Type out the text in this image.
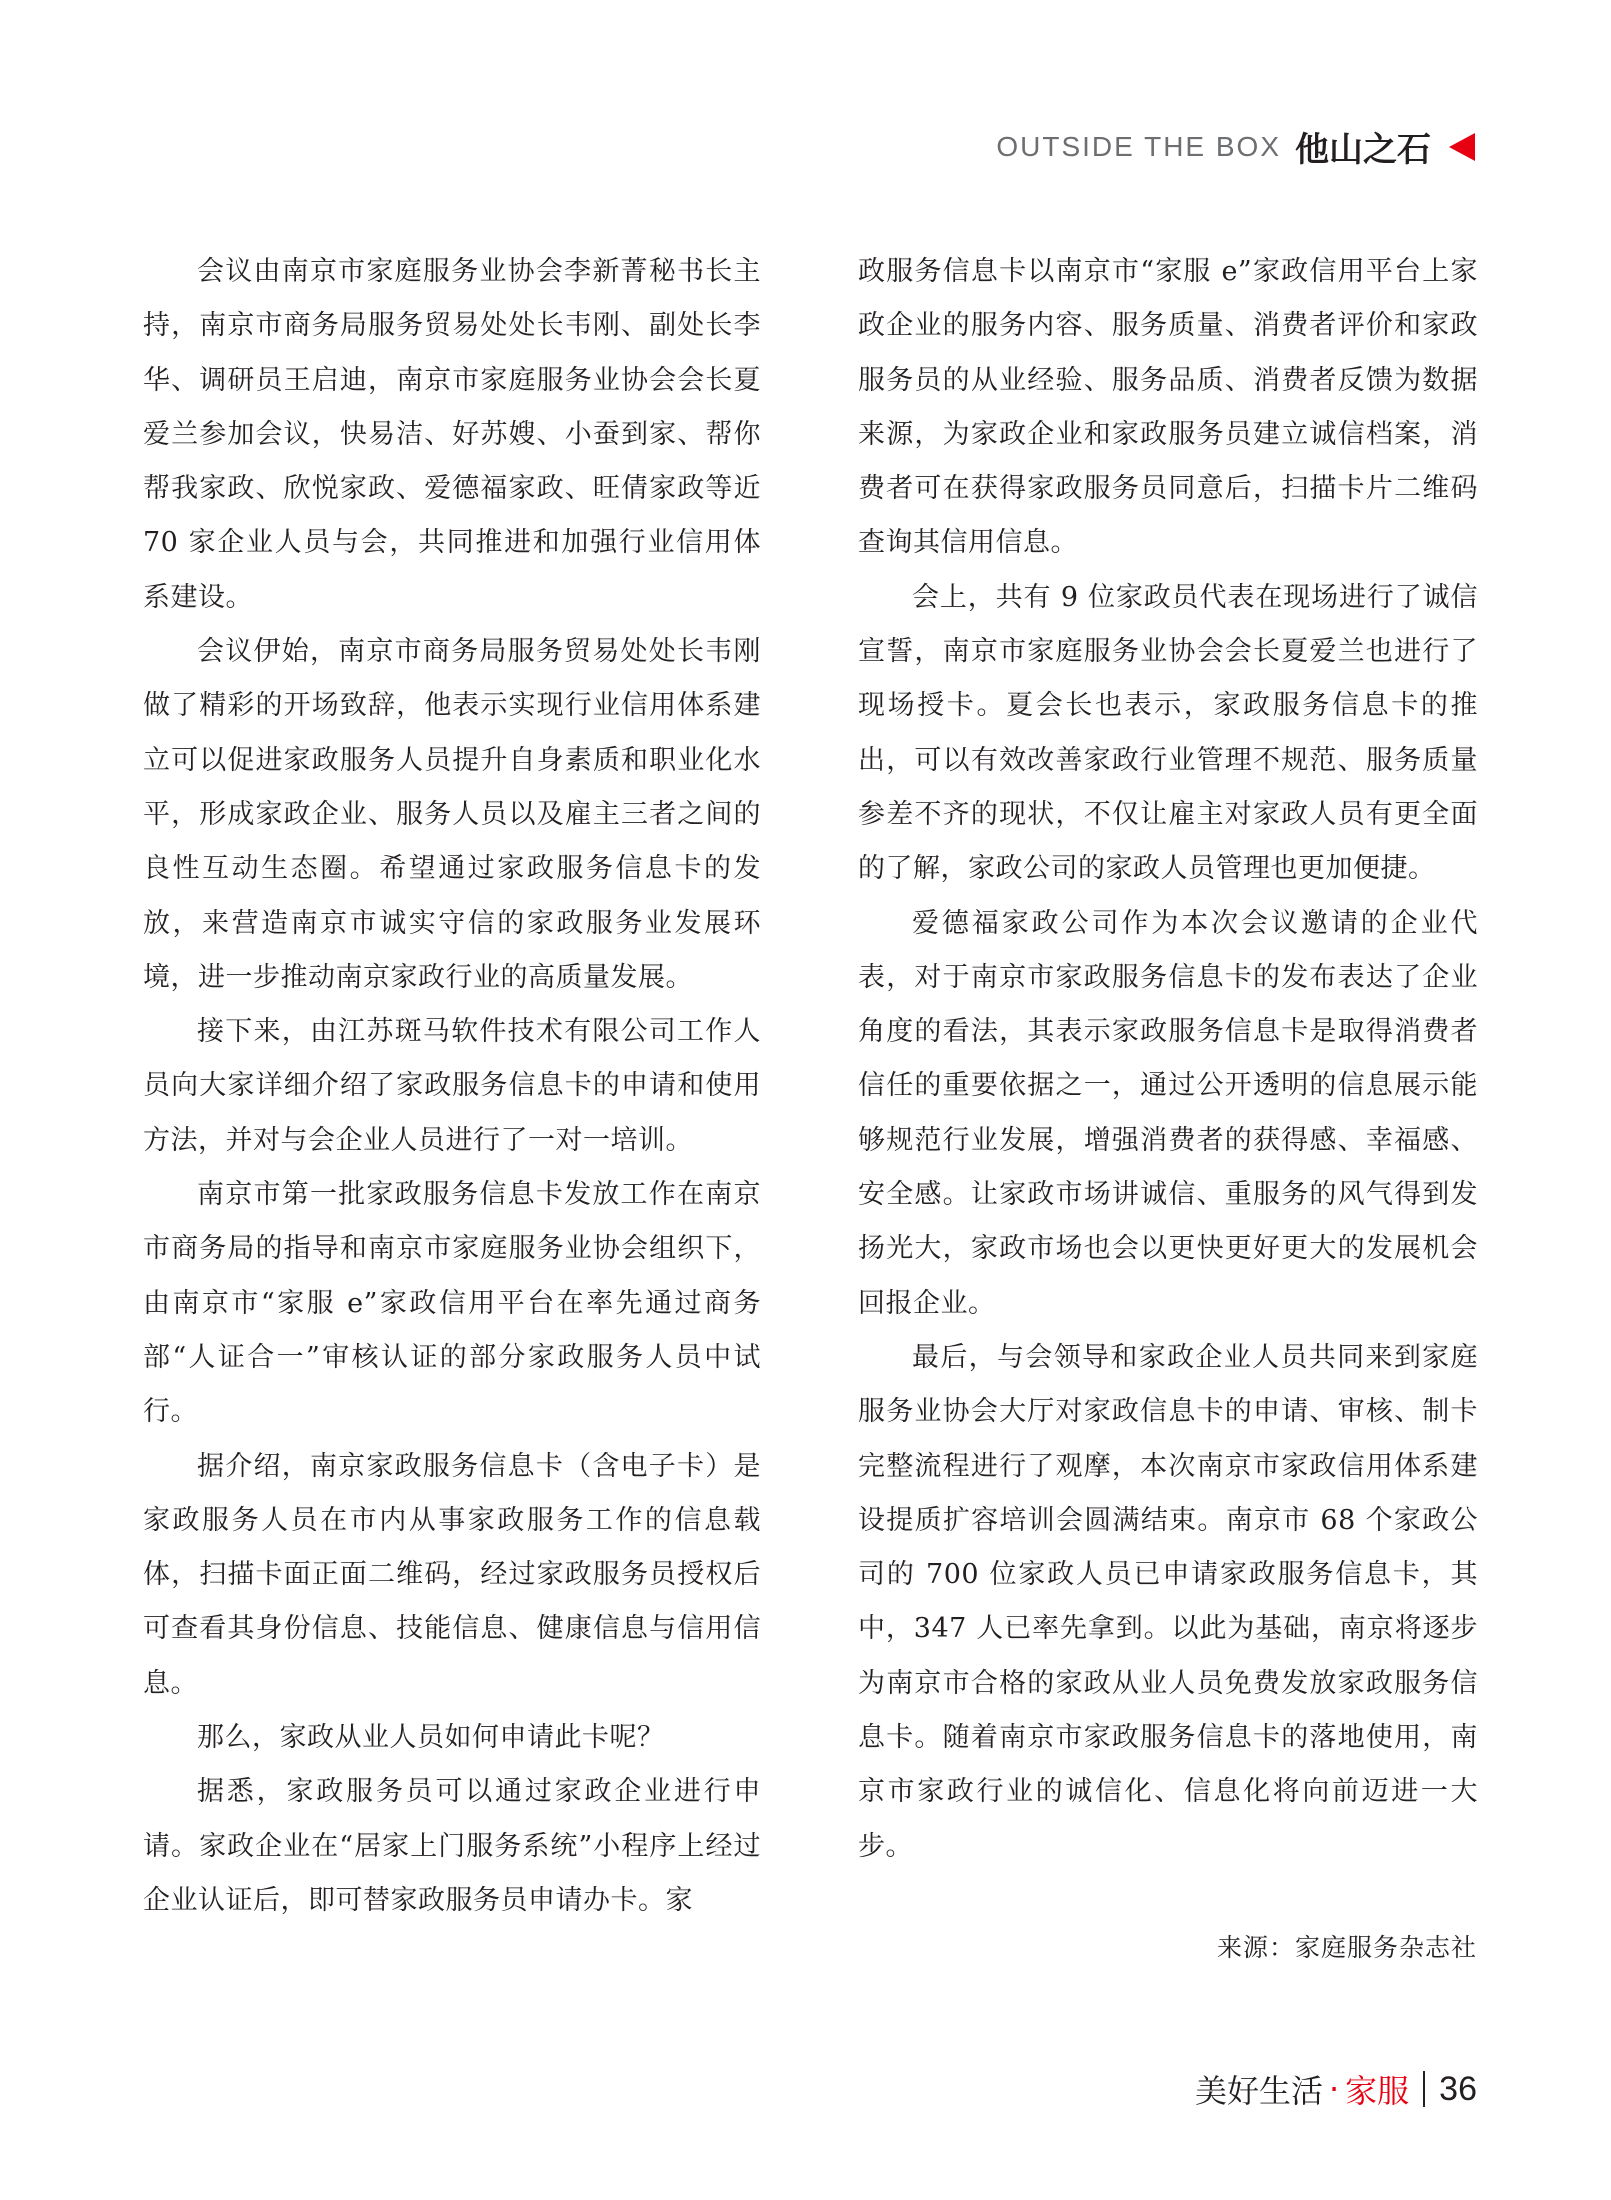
OUTSIDE THE BOX 他山之石

会议由南京市家庭服务业协会李新菁秘书长主持，南京市商务局服务贸易处处长韦刚、副处长李华、调研员王启迪，南京市家庭服务业协会会长夏爱兰参加会议，快易洁、好苏嫂、小蚕到家、帮你帮我家政、欣悦家政、爱德福家政、旺倩家政等近 70 家企业人员与会，共同推进和加强行业信用体系建设。

会议伊始，南京市商务局服务贸易处处长韦刚做了精彩的开场致辞，他表示实现行业信用体系建立可以促进家政服务人员提升自身素质和职业化水平，形成家政企业、服务人员以及雇主三者之间的良性互动生态圈。希望通过家政服务信息卡的发放，来营造南京市诚实守信的家政服务业发展环境，进一步推动南京家政行业的高质量发展。

接下来，由江苏斑马软件技术有限公司工作人员向大家详细介绍了家政服务信息卡的申请和使用方法，并对与会企业人员进行了一对一培训。

南京市第一批家政服务信息卡发放工作在南京市商务局的指导和南京市家庭服务业协会组织下，由南京市“家服 e”家政信用平台在率先通过商务部“人证合一”审核认证的部分家政服务人员中试行。

据介绍，南京家政服务信息卡（含电子卡）是家政服务人员在市内从事家政服务工作的信息载体，扫描卡面正面二维码，经过家政服务员授权后可查看其身份信息、技能信息、健康信息与信用信息。

那么，家政从业人员如何申请此卡呢？

据悉，家政服务员可以通过家政企业进行申请。家政企业在“居家上门服务系统”小程序上经过企业认证后，即可替家政服务员申请办卡。家

政服务信息卡以南京市“家服 e”家政信用平台上家政企业的服务内容、服务质量、消费者评价和家政服务员的从业经验、服务品质、消费者反馈为数据来源，为家政企业和家政服务员建立诚信档案，消费者可在获得家政服务员同意后，扫描卡片二维码查询其信用信息。

会上，共有 9 位家政员代表在现场进行了诚信宣誓，南京市家庭服务业协会会长夏爱兰也进行了现场授卡。夏会长也表示，家政服务信息卡的推出，可以有效改善家政行业管理不规范、服务质量参差不齐的现状，不仅让雇主对家政人员有更全面的了解，家政公司的家政人员管理也更加便捷。

爱德福家政公司作为本次会议邀请的企业代表，对于南京市家政服务信息卡的发布表达了企业角度的看法，其表示家政服务信息卡是取得消费者信任的重要依据之一，通过公开透明的信息展示能够规范行业发展，增强消费者的获得感、幸福感、安全感。让家政市场讲诚信、重服务的风气得到发扬光大，家政市场也会以更快更好更大的发展机会回报企业。

最后，与会领导和家政企业人员共同来到家庭服务业协会大厅对家政信息卡的申请、审核、制卡完整流程进行了观摩，本次南京市家政信用体系建设提质扩容培训会圆满结束。南京市 68 个家政公司的 700 位家政人员已申请家政服务信息卡，其中，347 人已率先拿到。以此为基础，南京将逐步为南京市合格的家政从业人员免费发放家政服务信息卡。随着南京市家政服务信息卡的落地使用，南京市家政行业的诚信化、信息化将向前迈进一大步。

来源：家庭服务杂志社
美好生活 · 家服 36
